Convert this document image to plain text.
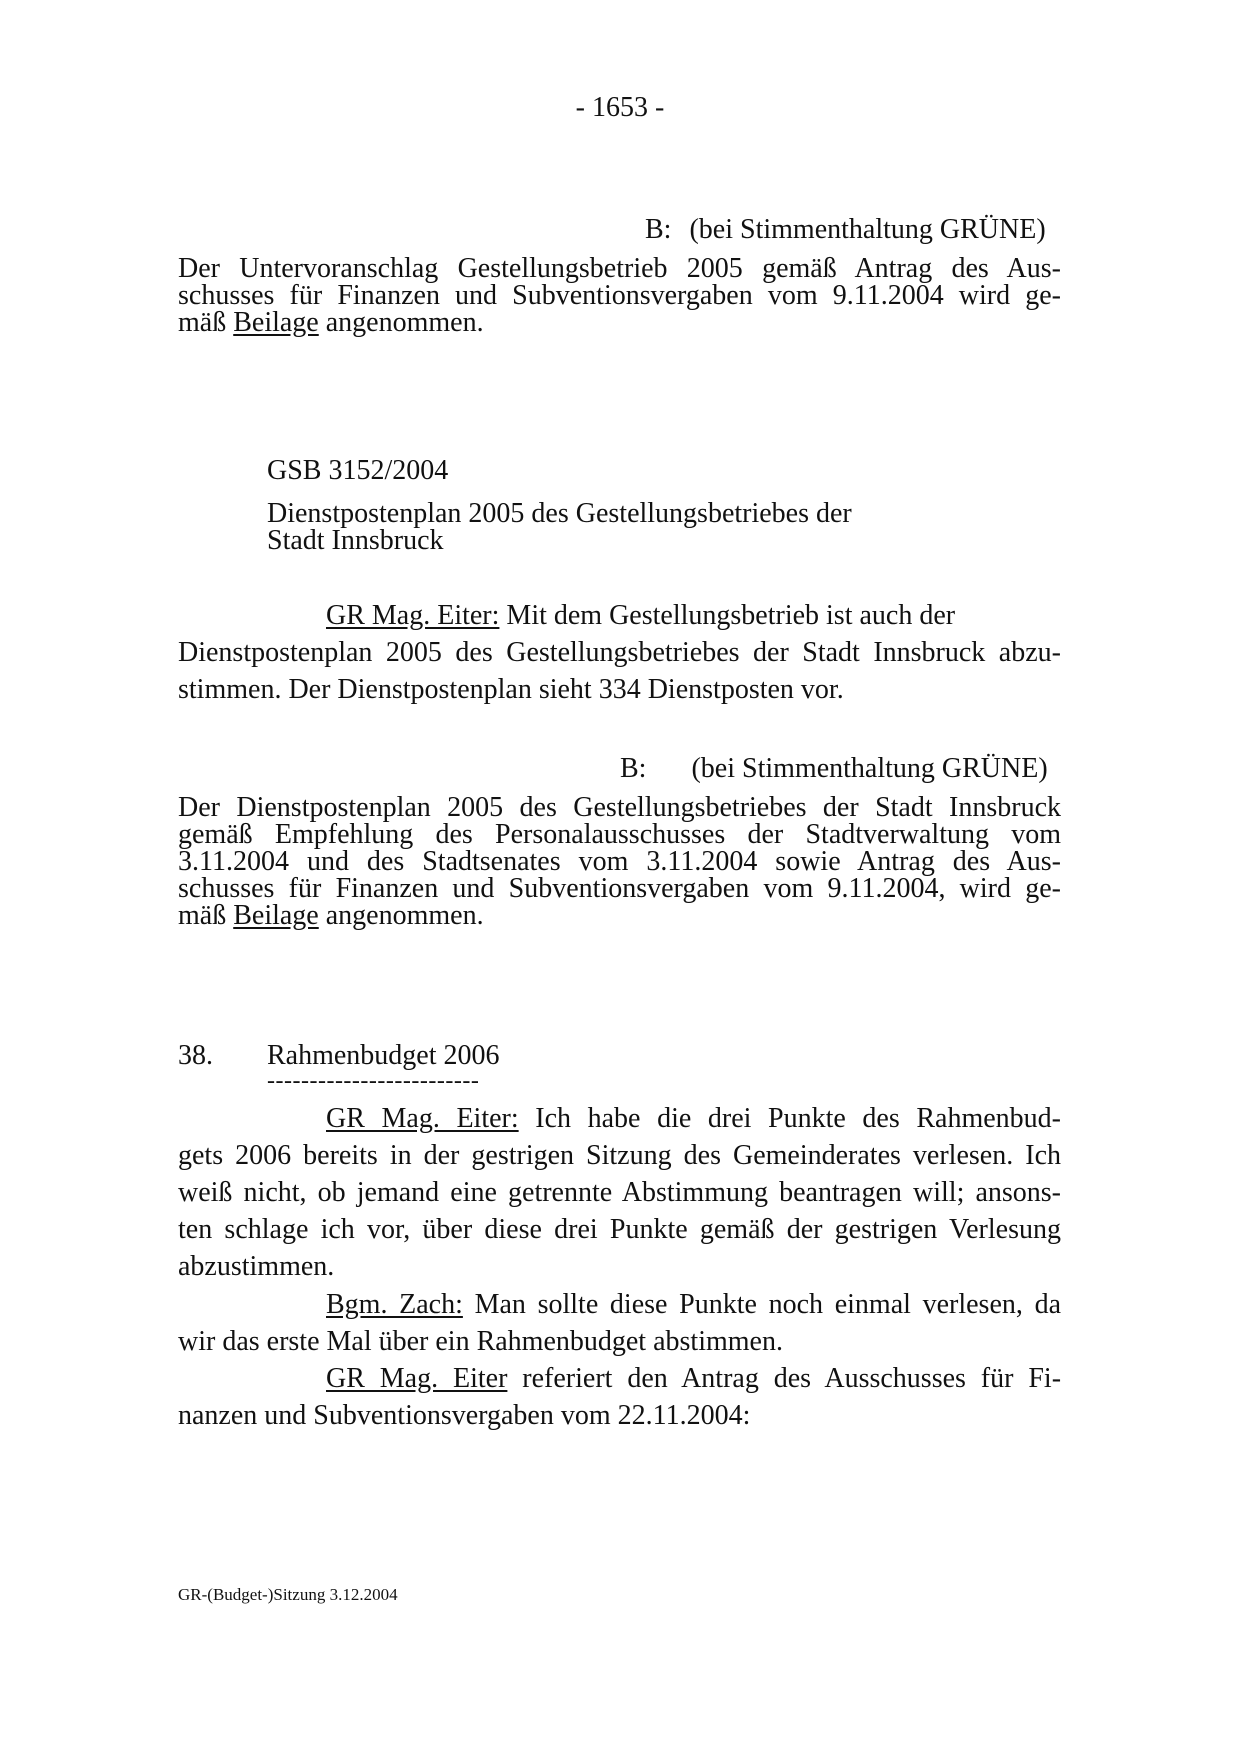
- 1653 -
B: (bei Stimmenthaltung GRÜNE)
Der Untervoranschlag Gestellungsbetrieb 2005 gemäß Antrag des Aus-
schusses für Finanzen und Subventionsvergaben vom 9.11.2004 wird ge-
mäß Beilage angenommen.
GSB 3152/2004
Dienstpostenplan 2005 des Gestellungsbetriebes der
Stadt Innsbruck
GR Mag. Eiter: Mit dem Gestellungsbetrieb ist auch der
Dienstpostenplan 2005 des Gestellungsbetriebes der Stadt Innsbruck abzu-
stimmen. Der Dienstpostenplan sieht 334 Dienstposten vor.
B: (bei Stimmenthaltung GRÜNE)
Der Dienstpostenplan 2005 des Gestellungsbetriebes der Stadt Innsbruck
gemäß Empfehlung des Personalausschusses der Stadtverwaltung vom
3.11.2004 und des Stadtsenates vom 3.11.2004 sowie Antrag des Aus-
schusses für Finanzen und Subventionsvergaben vom 9.11.2004, wird ge-
mäß Beilage angenommen.
38. Rahmenbudget 2006
-------------------------
GR Mag. Eiter: Ich habe die drei Punkte des Rahmenbud-
gets 2006 bereits in der gestrigen Sitzung des Gemeinderates verlesen. Ich
weiß nicht, ob jemand eine getrennte Abstimmung beantragen will; ansons-
ten schlage ich vor, über diese drei Punkte gemäß der gestrigen Verlesung
abzustimmen.
Bgm. Zach: Man sollte diese Punkte noch einmal verlesen, da
wir das erste Mal über ein Rahmenbudget abstimmen.
GR Mag. Eiter referiert den Antrag des Ausschusses für Fi-
nanzen und Subventionsvergaben vom 22.11.2004:
GR-(Budget-)Sitzung 3.12.2004
